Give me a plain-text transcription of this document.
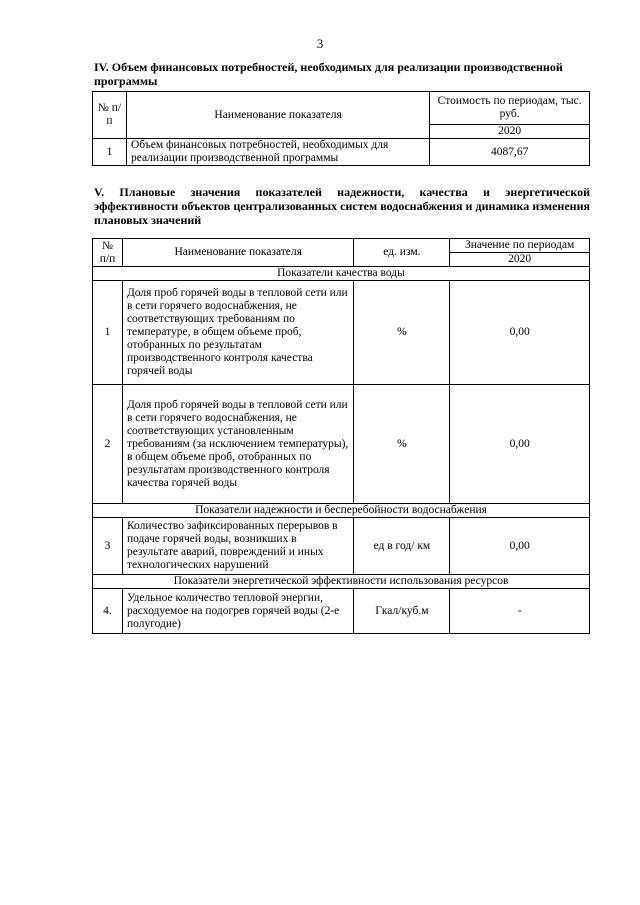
3
IV. Объем финансовых потребностей, необходимых для реализации производственной программы
№ п/п	Наименование показателя	Стоимость по периодам, тыс. руб.
		2020
1	Объем финансовых потребностей, необходимых для реализации производственной программы	4087,67
V. Плановые значения показателей надежности, качества и энергетической эффективности объектов централизованных систем водоснабжения и динамика изменения плановых значений
№ п/п	Наименование показателя	ед. изм.	Значение по периодам
			2020
Показатели качества воды			
1	Доля проб горячей воды в тепловой сети или в сети горячего водоснабжения, не соответствующих требованиям по температуре, в общем объеме проб, отобранных по результатам производственного контроля качества горячей воды	%	0,00
2	Доля проб горячей воды в тепловой сети или в сети горячего водоснабжения, не соответствующих установленным требованиям (за исключением температуры), в общем объеме проб, отобранных по результатам производственного контроля качества горячей воды	%	0,00
Показатели надежности и бесперебойности водоснабжения			
3	Количество зафиксированных перерывов в подаче горячей воды, возникших в результате аварий, повреждений и иных технологических нарушений	ед в год/ км	0,00
Показатели энергетической эффективности использования ресурсов			
4.	Удельное количество тепловой энергии, расходуемое на подогрев горячей воды (2-е полугодие)	Гкал/куб.м	-
